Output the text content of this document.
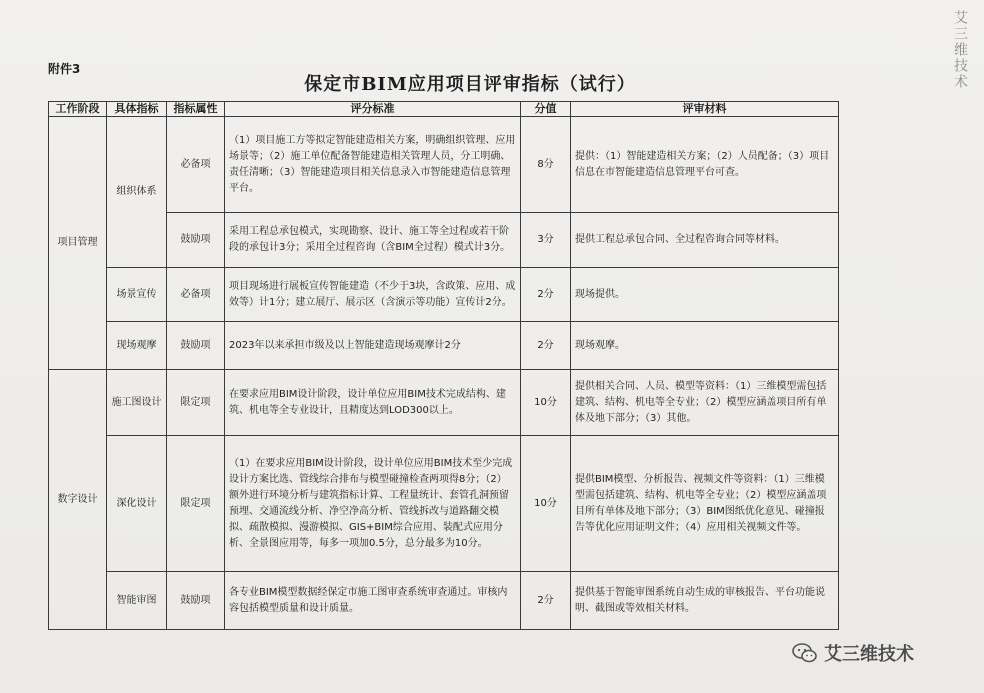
附件3
保定市BIM应用项目评审指标（试行）
工作阶段	具体指标	指标属性	评分标准	分值	评审材料
项目管理	组织体系	必备项	（1）项目施工方等拟定智能建造相关方案，明确组织管理、应用场景等；（2）施工单位配备智能建造相关管理人员，分工明确、责任清晰；（3）智能建造项目相关信息录入市智能建造信息管理平台。	8分	提供：（1）智能建造相关方案；（2）人员配备；（3）项目信息在市智能建造信息管理平台可查。
		鼓励项	采用工程总承包模式，实现勘察、设计、施工等全过程或若干阶段的承包计3分；采用全过程咨询（含BIM全过程）模式计3分。	3分	提供工程总承包合同、全过程咨询合同等材料。
	场景宣传	必备项	项目现场进行展板宣传智能建造（不少于3块，含政策、应用、成效等）计1分；建立展厅、展示区（含演示等功能）宣传计2分。	2分	现场提供。
	现场观摩	鼓励项	2023年以来承担市级及以上智能建造现场观摩计2分	2分	现场观摩。
数字设计	施工图设计	限定项	在要求应用BIM设计阶段，设计单位应用BIM技术完成结构、建筑、机电等全专业设计，且精度达到LOD300以上。	10分	提供相关合同、人员、模型等资料：（1）三维模型需包括建筑、结构、机电等全专业；（2）模型应涵盖项目所有单体及地下部分；（3）其他。
	深化设计	限定项	（1）在要求应用BIM设计阶段，设计单位应用BIM技术至少完成设计方案比选、管线综合排布与模型碰撞检查两项得8分；（2）额外进行环境分析与建筑指标计算、工程量统计、套管孔洞预留预埋、交通流线分析、净空净高分析、管线拆改与道路翻交模拟、疏散模拟、漫游模拟、GIS+BIM综合应用、装配式应用分析、全景图应用等，每多一项加0.5分，总分最多为10分。	10分	提供BIM模型、分析报告、视频文件等资料：（1）三维模型需包括建筑、结构、机电等全专业；（2）模型应涵盖项目所有单体及地下部分；（3）BIM图纸优化意见、碰撞报告等优化应用证明文件；（4）应用相关视频文件等。
	智能审图	鼓励项	各专业BIM模型数据经保定市施工图审查系统审查通过。审核内容包括模型质量和设计质量。	2分	提供基于智能审图系统自动生成的审核报告、平台功能说明、截图或等效相关材料。
艾三维技术
艾三维技术
